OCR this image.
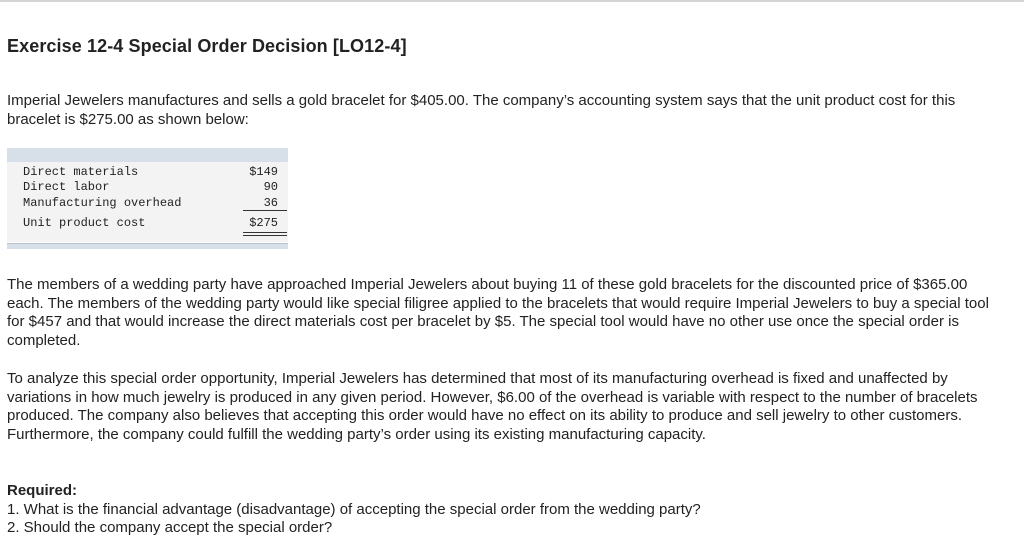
Exercise 12-4 Special Order Decision [LO12-4]
Imperial Jewelers manufactures and sells a gold bracelet for $405.00. The company’s accounting system says that the unit product cost for this bracelet is $275.00 as shown below:
Direct materials	$149
Direct labor	90
Manufacturing overhead	36
Unit product cost	$275
The members of a wedding party have approached Imperial Jewelers about buying 11 of these gold bracelets for the discounted price of $365.00 each. The members of the wedding party would like special filigree applied to the bracelets that would require Imperial Jewelers to buy a special tool for $457 and that would increase the direct materials cost per bracelet by $5. The special tool would have no other use once the special order is completed.
To analyze this special order opportunity, Imperial Jewelers has determined that most of its manufacturing overhead is fixed and unaffected by variations in how much jewelry is produced in any given period. However, $6.00 of the overhead is variable with respect to the number of bracelets produced. The company also believes that accepting this order would have no effect on its ability to produce and sell jewelry to other customers. Furthermore, the company could fulfill the wedding party’s order using its existing manufacturing capacity.
Required:
1. What is the financial advantage (disadvantage) of accepting the special order from the wedding party?
2. Should the company accept the special order?
